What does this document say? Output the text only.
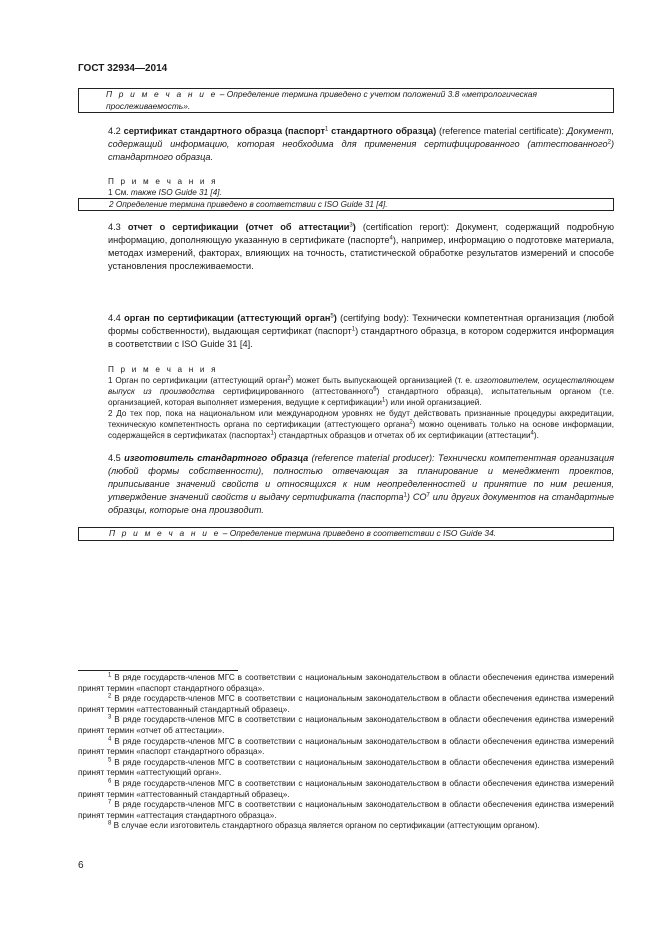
ГОСТ 32934—2014
П р и м е ч а н и е – Определение термина приведено с учетом положений 3.8 «метрологическая прослеживаемость».
4.2 сертификат стандартного образца (паспорт$^1$ стандартного образца) (reference material certificate): Документ, содержащий информацию, которая необходима для применения сертифицированного (аттестованного$^2$) стандартного образца.
П р и м е ч а н и я
1 См. также ISO Guide 31 [4].
2 Определение термина приведено в соответствии с ISO Guide 31 [4].
4.3 отчет о сертификации (отчет об аттестации$^3$) (certification report): Документ, содержащий подробную информацию, дополняющую указанную в сертификате (паспорте$^4$), например, информацию о подготовке материала, методах измерений, факторах, влияющих на точность, статистической обработке результатов измерений и способе установления прослеживаемости.
4.4 орган по сертификации (аттестующий орган$^5$) (certifying body): Технически компетентная организация (любой формы собственности), выдающая сертификат (паспорт$^1$) стандартного образца, в котором содержится информация в соответствии с ISO Guide 31 [4].
П р и м е ч а н и я
1 Орган по сертификации (аттестующий орган$^2$) может быть выпускающей организацией (т. е. изготовителем, осуществляющем выпуск из производства сертифицированного (аттестованного$^6$) стандартного образца), испытательным органом (т.е. организацией, которая выполняет измерения, ведущие к сертификации$^1$) или иной организацией.
2 До тех пор, пока на национальном или международном уровнях не будут действовать признанные процедуры аккредитации, техническую компетентность органа по сертификации (аттестующего органа$^2$) можно оценивать только на основе информации, содержащейся в сертификатах (паспортах$^1$) стандартных образцов и отчетах об их сертификации (аттестации$^4$).
4.5 изготовитель стандартного образца (reference material producer): Технически компетентная организация (любой формы собственности), полностью отвечающая за планирование и менеджмент проектов, приписывание значений свойств и относящихся к ним неопределенностей и принятие по ним решения, утверждение значений свойств и выдачу сертификата (паспорта$^1$) $СО^7$ или других документов на стандартные образцы, которые она производит.
П р и м е ч а н и е – Определение термина приведено в соответствии с ISO Guide 34.
$^1$ В ряде государств-членов МГС в соответствии с национальным законодательством в области обеспечения единства измерений принят термин «паспорт стандартного образца».
$^2$ В ряде государств-членов МГС в соответствии с национальным законодательством в области обеспечения единства измерений принят термин «аттестованный стандартный образец».
$^3$ В ряде государств-членов МГС в соответствии с национальным законодательством в области обеспечения единства измерений принят термин «отчет об аттестации».
$^4$ В ряде государств-членов МГС в соответствии с национальным законодательством в области обеспечения единства измерений принят термин «паспорт стандартного образца».
$^5$ В ряде государств-членов МГС в соответствии с национальным законодательством в области обеспечения единства измерений принят термин «аттестующий орган».
$^6$ В ряде государств-членов МГС в соответствии с национальным законодательством в области обеспечения единства измерений принят термин «аттестованный стандартный образец».
$^7$ В ряде государств-членов МГС в соответствии с национальным законодательством в области обеспечения единства измерений принят термин «аттестация стандартного образца».
$^8$ В случае если изготовитель стандартного образца является органом по сертификации (аттестующим органом).
6
